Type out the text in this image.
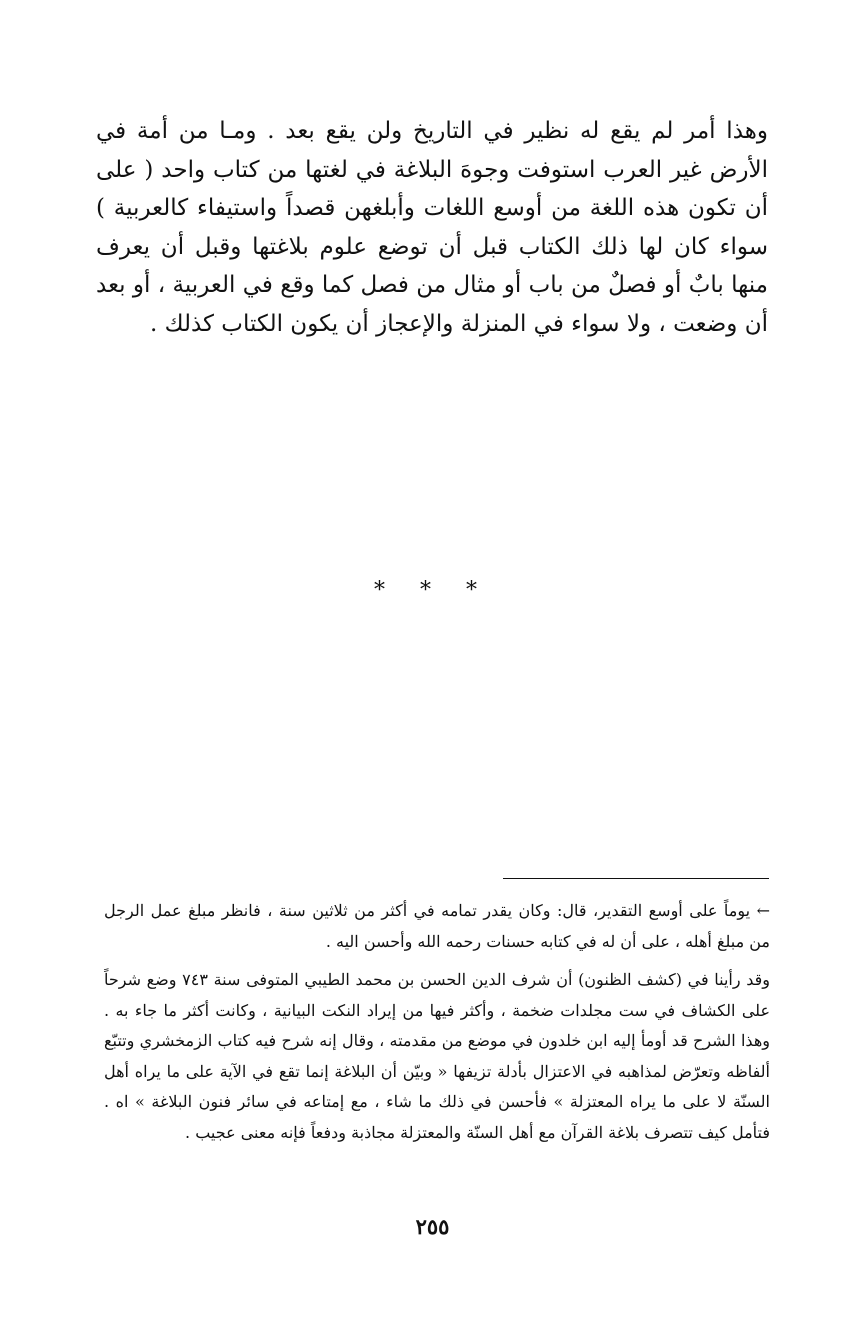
وهذا أمر لم يقع له نظير في التاريخ ولن يقع بعد . ومـا من أمة في الأرض غير العرب استوفت وجوهَ البلاغة في لغتها من كتاب واحد ( على أن تكون هذه اللغة من أوسع اللغات وأبلغهن قصداً واستيفاء كالعربية ) سواء كان لها ذلك الكتاب قبل أن توضع علوم بلاغتها وقبل أن يعرف منها بابٌ أو فصلٌ من باب أو مثال من فصل كما وقع في العربية ، أو بعد أن وضعت ، ولا سواء في المنزلة والإعجاز أن يكون الكتاب كذلك .

* * *

← يوماً على أوسع التقدير، قال: وكان يقدر تمامه في أكثر من ثلاثين سنة ، فانظر مبلغ عمل الرجل من مبلغ أهله ، على أن له في كتابه حسنات رحمه الله وأحسن اليه .

وقد رأينا في (كشف الظنون) أن شرف الدين الحسن بن محمد الطيبي المتوفى سنة ٧٤٣ وضع شرحاً على الكشاف في ست مجلدات ضخمة ، وأكثر فيها من إيراد النكت البيانية ، وكانت أكثر ما جاء به . وهذا الشرح قد أومأ إليه ابن خلدون في موضع من مقدمته ، وقال إنه شرح فيه كتاب الزمخشري وتتبّع ألفاظه وتعرّض لمذاهبه في الاعتزال بأدلة تزيفها « وبيّن أن البلاغة إنما تقع في الآية على ما يراه أهل السنّة لا على ما يراه المعتزلة » فأحسن في ذلك ما شاء ، مع إمتاعه في سائر فنون البلاغة » اه . فتأمل كيف تتصرف بلاغة القرآن مع أهل السنّة والمعتزلة مجاذبة ودفعاً فإنه معنى عجيب .

٢٥٥
